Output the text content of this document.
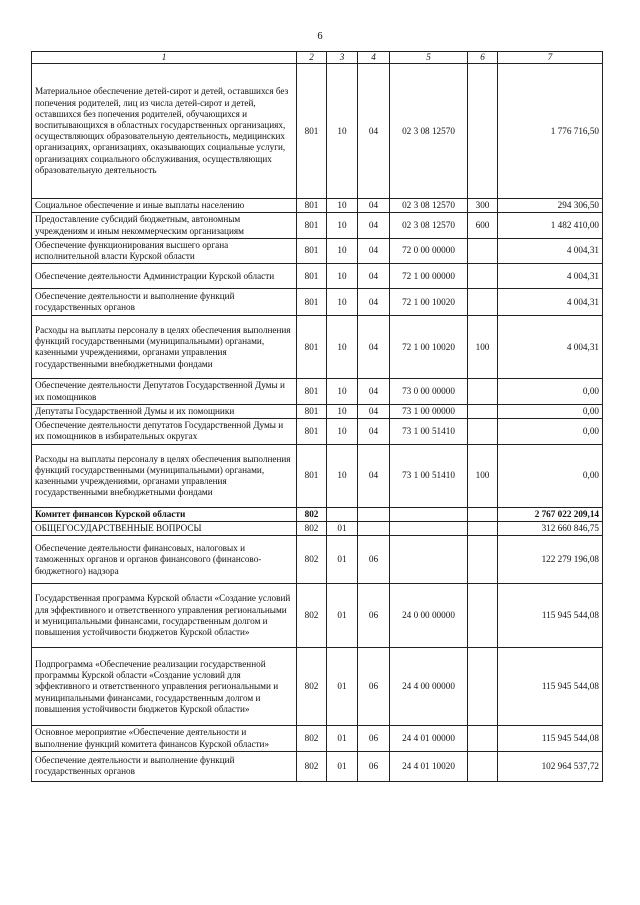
6
1	2	3	4	5	6	7
Материальное обеспечение детей-сирот и детей, оставшихся без попечения родителей, лиц из числа детей-сирот и детей, оставшихся без попечения родителей, обучающихся и воспитывающихся в областных государственных организациях, осуществляющих образовательную деятельность, медицинских организациях, организациях, оказывающих социальные услуги, организациях социального обслуживания, осуществляющих образовательную деятельность	801	10	04	02 3 08 12570		1 776 716,50
Социальное обеспечение и иные выплаты населению	801	10	04	02 3 08 12570	300	294 306,50
Предоставление субсидий бюджетным, автономным учреждениям и иным некоммерческим организациям	801	10	04	02 3 08 12570	600	1 482 410,00
Обеспечение функционирования высшего органа исполнительной власти Курской области	801	10	04	72 0 00 00000		4 004,31
Обеспечение деятельности Администрации Курской области	801	10	04	72 1 00 00000		4 004,31
Обеспечение деятельности и выполнение функций государственных органов	801	10	04	72 1 00 10020		4 004,31
Расходы на выплаты персоналу в целях обеспечения выполнения функций государственными (муниципальными) органами, казенными учреждениями, органами управления государственными внебюджетными фондами	801	10	04	72 1 00 10020	100	4 004,31
Обеспечение деятельности Депутатов Государственной Думы и их помощников	801	10	04	73 0 00 00000		0,00
Депутаты Государственной Думы и их помощники	801	10	04	73 1 00 00000		0,00
Обеспечение деятельности депутатов Государственной Думы и их помощников в избирательных округах	801	10	04	73 1 00 51410		0,00
Расходы на выплаты персоналу в целях обеспечения выполнения функций государственными (муниципальными) органами, казенными учреждениями, органами управления государственными внебюджетными фондами	801	10	04	73 1 00 51410	100	0,00
Комитет финансов Курской области	802					2 767 022 209,14
ОБЩЕГОСУДАРСТВЕННЫЕ ВОПРОСЫ	802	01				312 660 846,75
Обеспечение деятельности финансовых, налоговых и таможенных органов и органов финансового (финансово-бюджетного) надзора	802	01	06			122 279 196,08
Государственная программа Курской области «Создание условий для эффективного и ответственного управления региональными и муниципальными финансами, государственным долгом и повышения устойчивости бюджетов Курской области»	802	01	06	24 0 00 00000		115 945 544,08
Подпрограмма «Обеспечение реализации государственной программы Курской области «Создание условий для эффективного и ответственного управления региональными и муниципальными финансами, государственным долгом и повышения устойчивости бюджетов Курской области»	802	01	06	24 4 00 00000		115 945 544,08
Основное мероприятие «Обеспечение деятельности и выполнение функций комитета финансов Курской области»	802	01	06	24 4 01 00000		115 945 544,08
Обеспечение деятельности и выполнение функций государственных органов	802	01	06	24 4 01 10020		102 964 537,72
